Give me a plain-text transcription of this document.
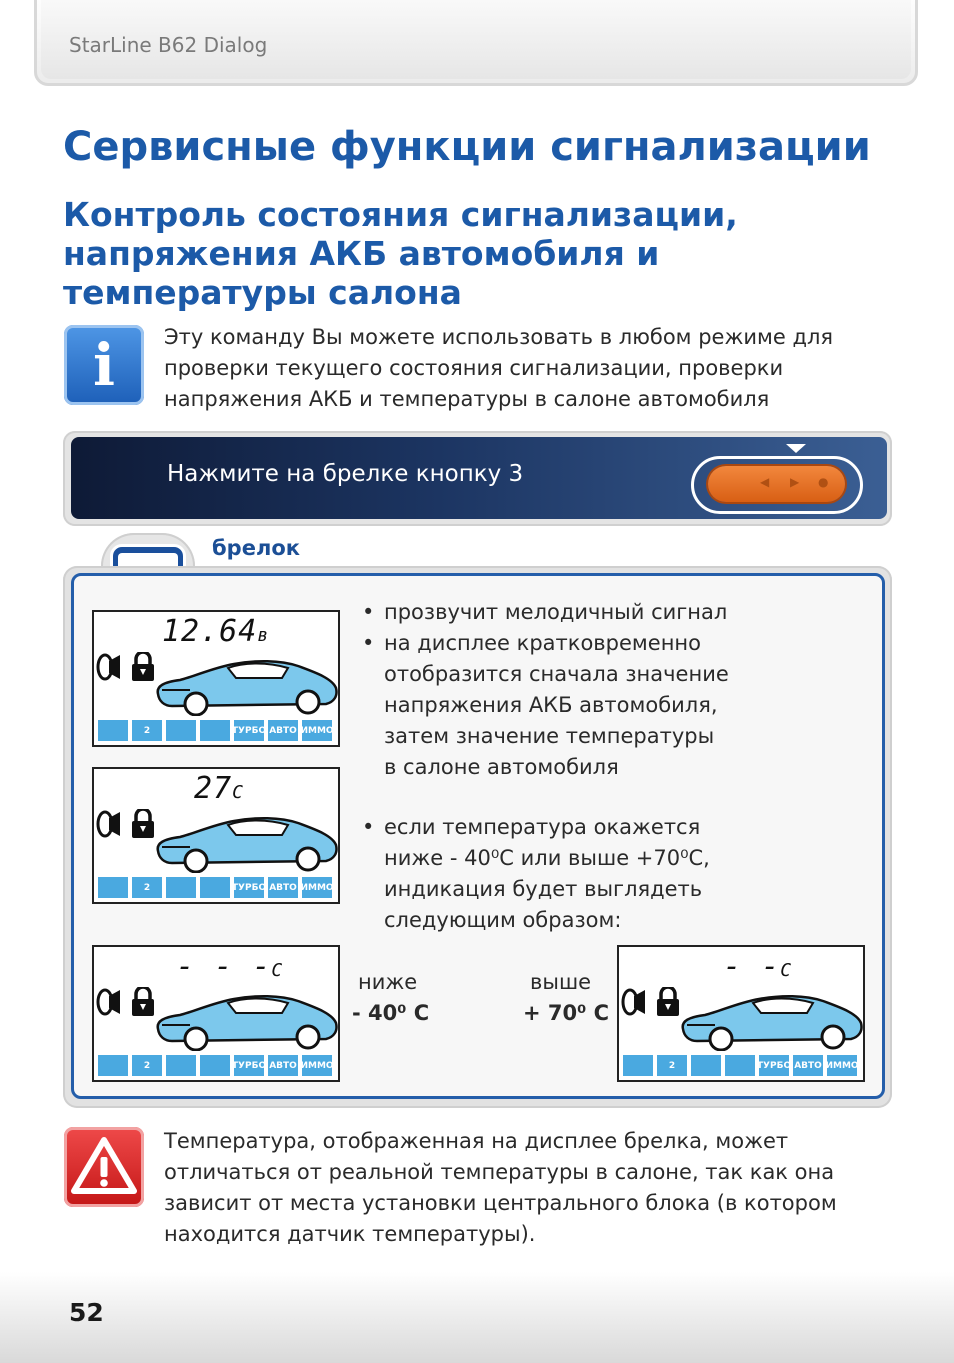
StarLine B62 Dialog
Сервисные функции сигнализации
Контроль состояния сигнализации,
напряжения АКБ автомобиля и
температуры салона
i	Эту команду Вы можете использовать в любом режиме для
проверки текущего состояния сигнализации, проверки
напряжения АКБ и температуры в салоне автомобиля
Нажмите на брелке кнопку 3	◀ ▶ ●
брелок
12.64в
2	ТУРБО АВТО ИММО
27С
2	ТУРБО АВТО ИММО
- - -С
2	ТУРБО АВТО ИММО
- -С
2	ТУРБО АВТО ИММО
• прозвучит мелодичный сигнал
• на дисплее кратковременно
отобразится сначала значение
напряжения АКБ автомобиля,
затем значение температуры
в салоне автомобиля
• если температура окажется
ниже - 40⁰С или выше +70⁰С,
индикация будет выглядеть
следующим образом:
ниже
- 40⁰ С
выше
+ 70⁰ С
Температура, отображенная на дисплее брелка, может
отличаться от реальной температуры в салоне, так как она
зависит от места установки центрального блока (в котором
находится датчик температуры).
52
